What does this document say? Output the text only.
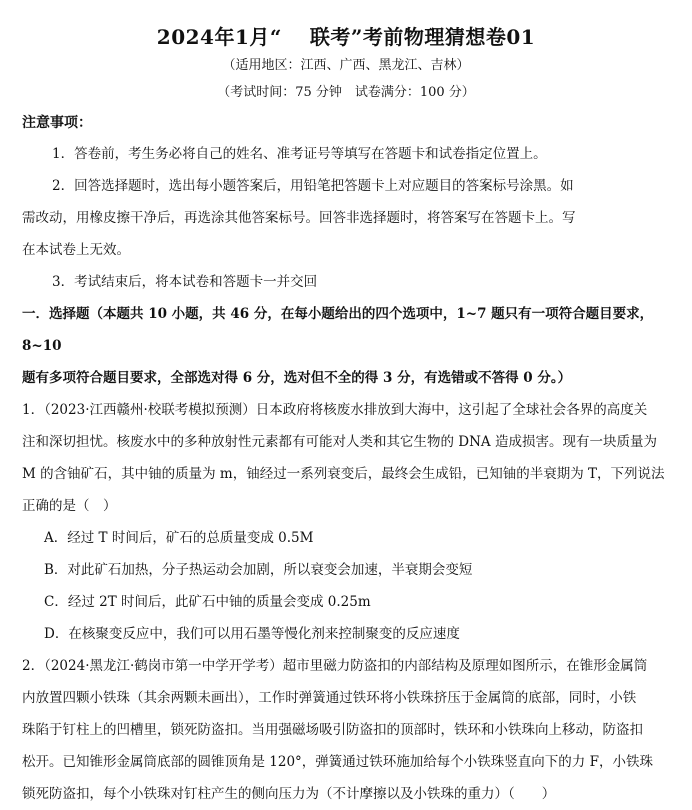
2024年1月“ 　联考”考前物理猜想卷01
（适用地区：江西、广西、黑龙江、吉林）
（考试时间：75 分钟　试卷满分：100 分）
注意事项：
1．答卷前，考生务必将自己的姓名、准考证号等填写在答题卡和试卷指定位置上。
2．回答选择题时，选出每小题答案后，用铅笔把答题卡上对应题目的答案标号涂黑。如
需改动，用橡皮擦干净后，再选涂其他答案标号。回答非选择题时，将答案写在答题卡上。写
在本试卷上无效。
3．考试结束后，将本试卷和答题卡一并交回
一．选择题（本题共 10 小题，共 46 分，在每小题给出的四个选项中，1~7 题只有一项符合题目要求，8~10
题有多项符合题目要求，全部选对得 6 分，选对但不全的得 3 分，有选错或不答得 0 分。）
1．（2023·江西赣州·校联考模拟预测）日本政府将核废水排放到大海中，这引起了全球社会各界的高度关
注和深切担忧。核废水中的多种放射性元素都有可能对人类和其它生物的 DNA 造成损害。现有一块质量为
M 的含铀矿石，其中铀的质量为 m，铀经过一系列衰变后，最终会生成铅，已知铀的半衰期为 T，下列说法
正确的是（　）
A．经过 T 时间后，矿石的总质量变成 0.5M
B．对此矿石加热，分子热运动会加剧，所以衰变会加速，半衰期会变短
C．经过 2T 时间后，此矿石中铀的质量会变成 0.25m
D．在核聚变反应中，我们可以用石墨等慢化剂来控制聚变的反应速度
2．（2024·黑龙江·鹤岗市第一中学开学考）超市里磁力防盗扣的内部结构及原理如图所示，在锥形金属筒
内放置四颗小铁珠（其余两颗未画出），工作时弹簧通过铁环将小铁珠挤压于金属筒的底部，同时，小铁
珠陷于钉柱上的凹槽里，锁死防盗扣。当用强磁场吸引防盗扣的顶部时，铁环和小铁珠向上移动，防盗扣
松开。已知锥形金属筒底部的圆锥顶角是 120°，弹簧通过铁环施加给每个小铁珠竖直向下的力 F，小铁珠
锁死防盗扣，每个小铁珠对钉柱产生的侧向压力为（不计摩擦以及小铁珠的重力）（　　）
